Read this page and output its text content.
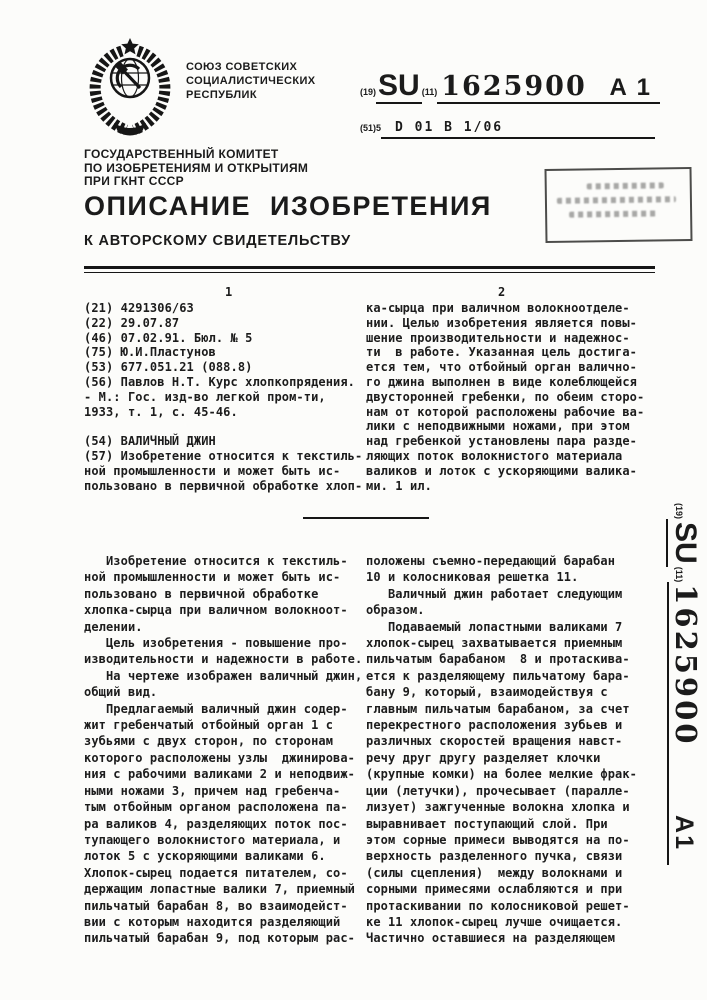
СОЮЗ СОВЕТСКИХ
СОЦИАЛИСТИЧЕСКИХ
РЕСПУБЛИК
ГОСУДАРСТВЕННЫЙ КОМИТЕТ
ПО ИЗОБРЕТЕНИЯМ И ОТКРЫТИЯМ
ПРИ ГКНТ СССР
ОПИСАНИЕ ИЗОБРЕТЕНИЯ
К АВТОРСКОМУ СВИДЕТЕЛЬСТВУ
(19) SU (11) 1625900 A 1
(51)5	D 01 B 1/06
1	2
(21) 4291306/63
(22) 29.07.87
(46) 07.02.91. Бюл. № 5
(75) Ю.И.Пластунов
(53) 677.051.21 (088.8)
(56) Павлов Н.Т. Курс хлопкопрядения.
- М.: Гос. изд-во легкой пром-ти,
1933, т. 1, с. 45-46.

(54) ВАЛИЧНЫЙ ДЖИН
(57) Изобретение относится к текстиль-
ной промышленности и может быть ис-
пользовано в первичной обработке хлоп-
ка-сырца при валичном волокноотделе-
нии. Целью изобретения является повы-
шение производительности и надежнос-
ти  в работе. Указанная цель достига-
ется тем, что отбойный орган валично-
го джина выполнен в виде колеблющейся
двусторонней гребенки, по обеим сторо-
нам от которой расположены рабочие ва-
лики с неподвижными ножами, при этом
над гребенкой установлены пара разде-
ляющих поток волокнистого материала
валиков и лоток с ускоряющими валика-
ми. 1 ил.
Изобретение относится к текстиль-
ной промышленности и может быть ис-
пользовано в первичной обработке
хлопка-сырца при валичном волокноот-
делении.
Цель изобретения - повышение про-
изводительности и надежности в работе.
На чертеже изображен валичный джин,
общий вид.
Предлагаемый валичный джин содер-
жит гребенчатый отбойный орган 1 с
зубьями с двух сторон, по сторонам
которого расположены узлы  джинирова-
ния с рабочими валиками 2 и неподвиж-
ными ножами 3, причем над гребенча-
тым отбойным органом расположена па-
ра валиков 4, разделяющих поток пос-
тупающего волокнистого материала, и
лоток 5 с ускоряющими валиками 6.
Хлопок-сырец подается питателем, со-
держащим лопастные валики 7, приемный
пильчатый барабан 8, во взаимодейст-
вии с которым находится разделяющий
пильчатый барабан 9, под которым рас-
положены съемно-передающий барабан
10 и колосниковая решетка 11.
Валичный джин работает следующим
образом.
Подаваемый лопастными валиками 7
хлопок-сырец захватывается приемным
пильчатым барабаном  8 и протаскива-
ется к разделяющему пильчатому бара-
бану 9, который, взаимодействуя с
главным пильчатым барабаном, за счет
перекрестного расположения зубьев и
различных скоростей вращения навст-
речу друг другу разделяет клочки
(крупные комки) на более мелкие фрак-
ции (летучки), прочесывает (паралле-
лизует) зажгученные волокна хлопка и
выравнивает поступающий слой. При
этом сорные примеси выводятся на по-
верхность разделенного пучка, связи
(силы сцепления)  между волокнами и
сорными примесями ослабляются и при
протаскивании по колосниковой решет-
ке 11 хлопок-сырец лучше очищается.
Частично оставшиеся на разделяющем
(19)
SU
(11)
1625900
A1
